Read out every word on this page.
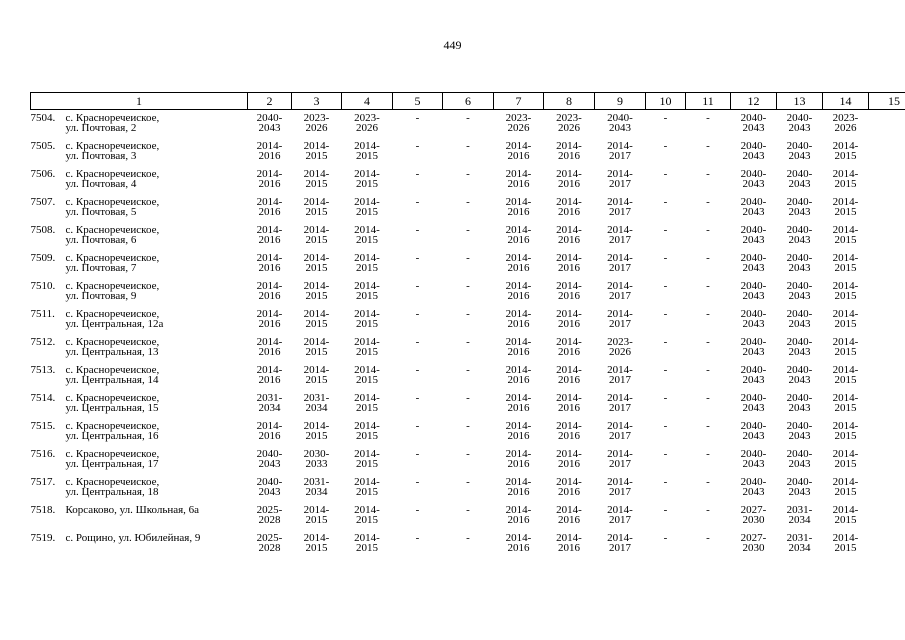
449
1	2	3	4	5	6	7	8	9	10	11	12	13	14	15
7504. с. Красноречеиское,
ул. Почтовая, 2	2040-
2043	2023-
2026	2023-
2026	-	-	2023-
2026	2023-
2026	2040-
2043	-	-	2040-
2043	2040-
2043	2023-
2026	

7505. с. Красноречеиское,
ул. Почтовая, 3	2014-
2016	2014-
2015	2014-
2015	-	-	2014-
2016	2014-
2016	2014-
2017	-	-	2040-
2043	2040-
2043	2014-
2015	

7506. с. Красноречеиское,
ул. Почтовая, 4	2014-
2016	2014-
2015	2014-
2015	-	-	2014-
2016	2014-
2016	2014-
2017	-	-	2040-
2043	2040-
2043	2014-
2015	

7507. с. Красноречеиское,
ул. Почтовая, 5	2014-
2016	2014-
2015	2014-
2015	-	-	2014-
2016	2014-
2016	2014-
2017	-	-	2040-
2043	2040-
2043	2014-
2015	

7508. с. Красноречеиское,
ул. Почтовая, 6	2014-
2016	2014-
2015	2014-
2015	-	-	2014-
2016	2014-
2016	2014-
2017	-	-	2040-
2043	2040-
2043	2014-
2015	

7509. с. Красноречеиское,
ул. Почтовая, 7	2014-
2016	2014-
2015	2014-
2015	-	-	2014-
2016	2014-
2016	2014-
2017	-	-	2040-
2043	2040-
2043	2014-
2015	

7510. с. Красноречеиское,
ул. Почтовая, 9	2014-
2016	2014-
2015	2014-
2015	-	-	2014-
2016	2014-
2016	2014-
2017	-	-	2040-
2043	2040-
2043	2014-
2015	

7511. с. Красноречеиское,
ул. Центральная, 12а	2014-
2016	2014-
2015	2014-
2015	-	-	2014-
2016	2014-
2016	2014-
2017	-	-	2040-
2043	2040-
2043	2014-
2015	

7512. с. Красноречеиское,
ул. Центральная, 13	2014-
2016	2014-
2015	2014-
2015	-	-	2014-
2016	2014-
2016	2023-
2026	-	-	2040-
2043	2040-
2043	2014-
2015	

7513. с. Красноречеиское,
ул. Центральная, 14	2014-
2016	2014-
2015	2014-
2015	-	-	2014-
2016	2014-
2016	2014-
2017	-	-	2040-
2043	2040-
2043	2014-
2015	

7514. с. Красноречеиское,
ул. Центральная, 15	2031-
2034	2031-
2034	2014-
2015	-	-	2014-
2016	2014-
2016	2014-
2017	-	-	2040-
2043	2040-
2043	2014-
2015	

7515. с. Красноречеиское,
ул. Центральная, 16	2014-
2016	2014-
2015	2014-
2015	-	-	2014-
2016	2014-
2016	2014-
2017	-	-	2040-
2043	2040-
2043	2014-
2015	

7516. с. Красноречеиское,
ул. Центральная, 17	2040-
2043	2030-
2033	2014-
2015	-	-	2014-
2016	2014-
2016	2014-
2017	-	-	2040-
2043	2040-
2043	2014-
2015	

7517. с. Красноречеиское,
ул. Центральная, 18	2040-
2043	2031-
2034	2014-
2015	-	-	2014-
2016	2014-
2016	2014-
2017	-	-	2040-
2043	2040-
2043	2014-
2015	

7518. Корсаково, ул. Школьная, 6а	2025-
2028	2014-
2015	2014-
2015	-	-	2014-
2016	2014-
2016	2014-
2017	-	-	2027-
2030	2031-
2034	2014-
2015	

7519. с. Рощино, ул. Юбилейная, 9	2025-
2028	2014-
2015	2014-
2015	-	-	2014-
2016	2014-
2016	2014-
2017	-	-	2027-
2030	2031-
2034	2014-
2015	
